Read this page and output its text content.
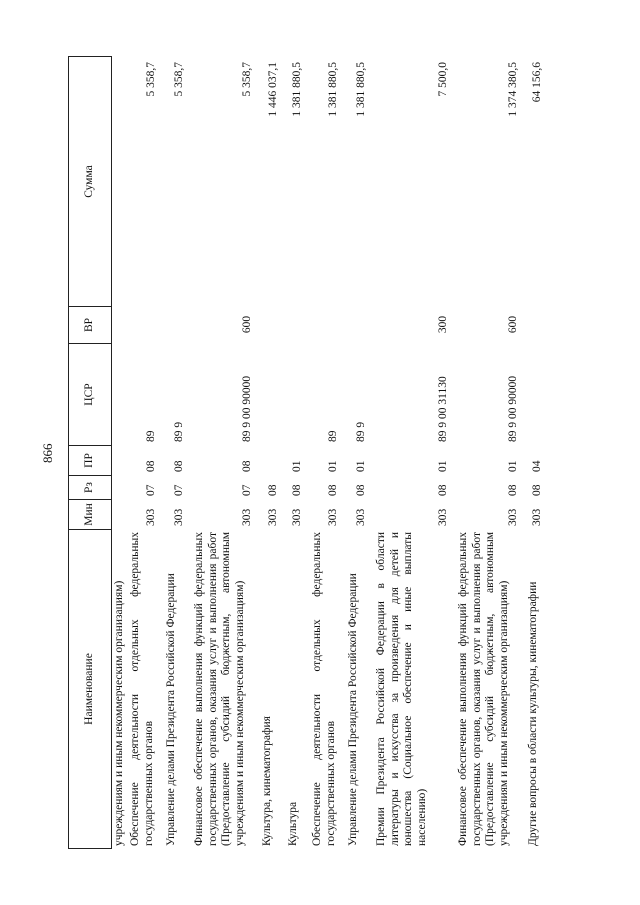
866
Наименование
Мин
Рз
ПР
ЦСР
ВР
Сумма
учреждениям и иным некоммерческим организациям) Обеспечение деятельности отдельных федеральных государственных органов
303
07
08
89
5 358,7
Управление делами Президента Российской Федерации
303
07
08
89 9
5 358,7
Финансовое обеспечение выполнения функций федеральных государственных органов, оказания услуг и выполнения работ (Предоставление субсидий бюджетным, автономным учреждениям и иным некоммерческим организациям)
303
07
08
89 9 00 90000
600
5 358,7
Культура, кинематография
303
08
1 446 037,1
Культура
303
08
01
1 381 880,5
Обеспечение деятельности отдельных федеральных государственных органов
303
08
01
89
1 381 880,5
Управление делами Президента Российской Федерации
303
08
01
89 9
1 381 880,5
Премии Президента Российской Федерации в области литературы и искусства за произведения для детей и юношества (Социальное обеспечение и иные выплаты населению)
303
08
01
89 9 00 31130
300
7 500,0
Финансовое обеспечение выполнения функций федеральных государственных органов, оказания услуг и выполнения работ (Предоставление субсидий бюджетным, автономным учреждениям и иным некоммерческим организациям)
303
08
01
89 9 00 90000
600
1 374 380,5
Другие вопросы в области культуры, кинематографии
303
08
04
64 156,6
